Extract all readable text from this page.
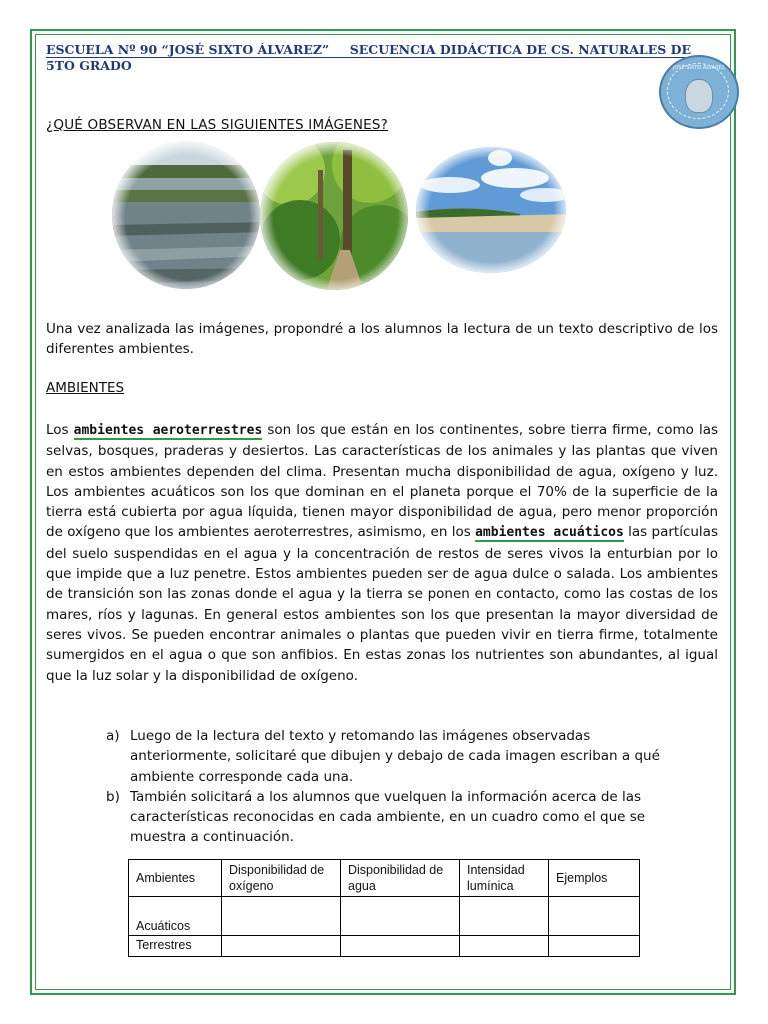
ESCUELA Nº 90 “JOSÉ SIXTO ÁLVAREZ” SECUENCIA DIDÁCTICA DE CS. NATURALES DE
5TO GRADO	JOSÉ SIXTO ÁLVAREZ
¿QUÉ OBSERVAN EN LAS SIGUIENTES IMÁGENES?
Una vez analizada las imágenes, propondré a los alumnos la lectura de un texto descriptivo de los diferentes ambientes.
AMBIENTES
Los ambientes aeroterrestres son los que están en los continentes, sobre tierra firme, como las selvas, bosques, praderas y desiertos. Las características de los animales y las plantas que viven en estos ambientes dependen del clima. Presentan mucha disponibilidad de agua, oxígeno y luz. Los ambientes acuáticos son los que dominan en el planeta porque el 70% de la superficie de la tierra está cubierta por agua líquida, tienen mayor disponibilidad de agua, pero menor proporción de oxígeno que los ambientes aeroterrestres, asimismo, en los ambientes acuáticos las partículas del suelo suspendidas en el agua y la concentración de restos de seres vivos la enturbian por lo que impide que a luz penetre. Estos ambientes pueden ser de agua dulce o salada. Los ambientes de transición son las zonas donde el agua y la tierra se ponen en contacto, como las costas de los mares, ríos y lagunas. En general estos ambientes son los que presentan la mayor diversidad de seres vivos. Se pueden encontrar animales o plantas que pueden vivir en tierra firme, totalmente sumergidos en el agua o que son anfibios. En estas zonas los nutrientes son abundantes, al igual que la luz solar y la disponibilidad de oxígeno.
a) Luego de la lectura del texto y retomando las imágenes observadas anteriormente, solicitaré que dibujen y debajo de cada imagen escriban a qué ambiente corresponde cada una.
b) También solicitará a los alumnos que vuelquen la información acerca de las características reconocidas en cada ambiente, en un cuadro como el que se muestra a continuación.
Ambientes	Disponibilidad de oxígeno	Disponibilidad de agua	Intensidad lumínica	Ejemplos
Acuáticos				
Terrestres				
